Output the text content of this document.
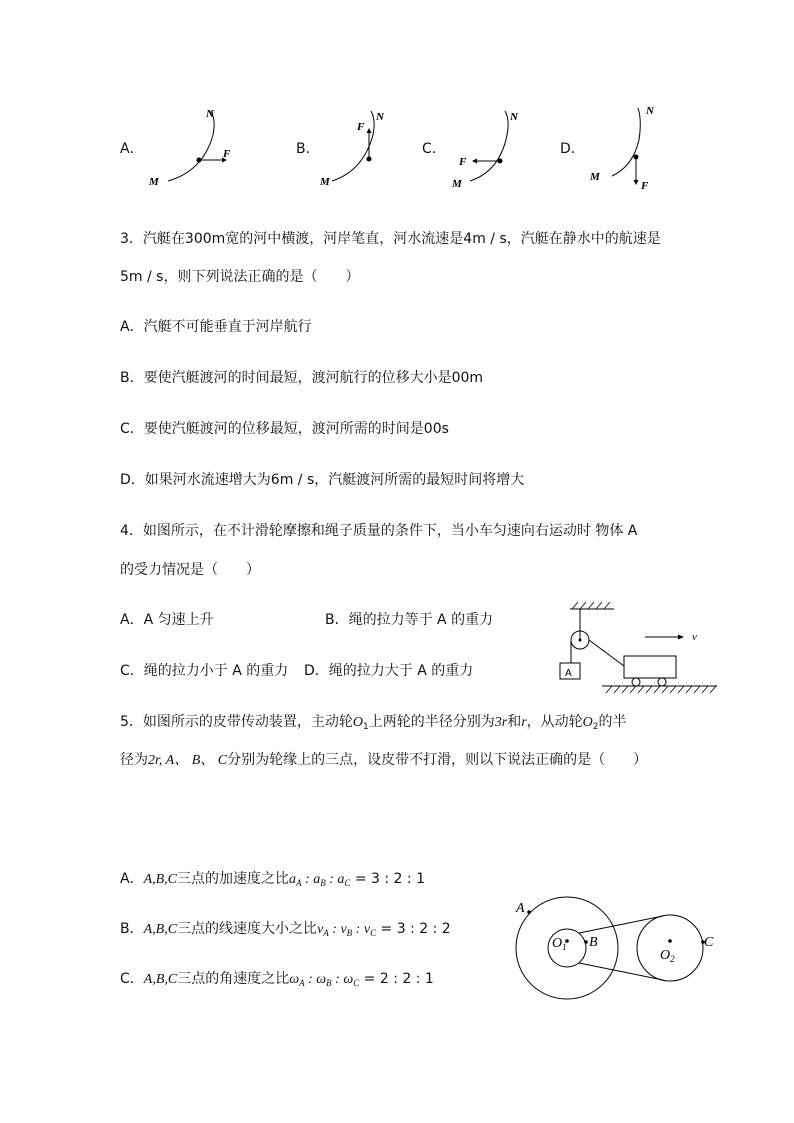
A．
M
N
F	B．
M
N
F
C．
M
N
F
D．
M
N
F
3．汽艇在300m宽的河中横渡，河岸笔直，河水流速是4m / s，汽艇在静水中的航速是
5m / s，则下列说法正确的是（　　）
A．汽艇不可能垂直于河岸航行
B．要使汽艇渡河的时间最短，渡河航行的位移大小是00m
C．要使汽艇渡河的位移最短，渡河所需的时间是00s
D．如果河水流速增大为6m / s，汽艇渡河所需的最短时间将增大
4．如图所示，在不计滑轮摩擦和绳子质量的条件下，当小车匀速向右运动时 物体 A
的受力情况是（　　）
A．A 匀速上升	B．绳的拉力等于 A 的重力
C．绳的拉力小于 A 的重力 D．绳的拉力大于 A 的重力	A
v
5．如图所示的皮带传动装置，主动轮$O_1$上两轮的半径分别为3r和r，从动轮$O_2$的半
径为2r, A、 B、 C分别为轮缘上的三点，设皮带不打滑，则以下说法正确的是（　　）
A．A,B,C三点的加速度之比$a_A$ : $a_B$ : $a_C = 3$ : 2 : 1
B．A,B,C三点的线速度大小之比$v_A$ : $v_B$ : $v_C = 3$ : 2 : 2
C．A,B,C三点的角速度之比$\omega_A$ : $\omega_B$ : $\omega_C = 2$ : 2 : 1
A
B	C
$O_1$
$O_2$
